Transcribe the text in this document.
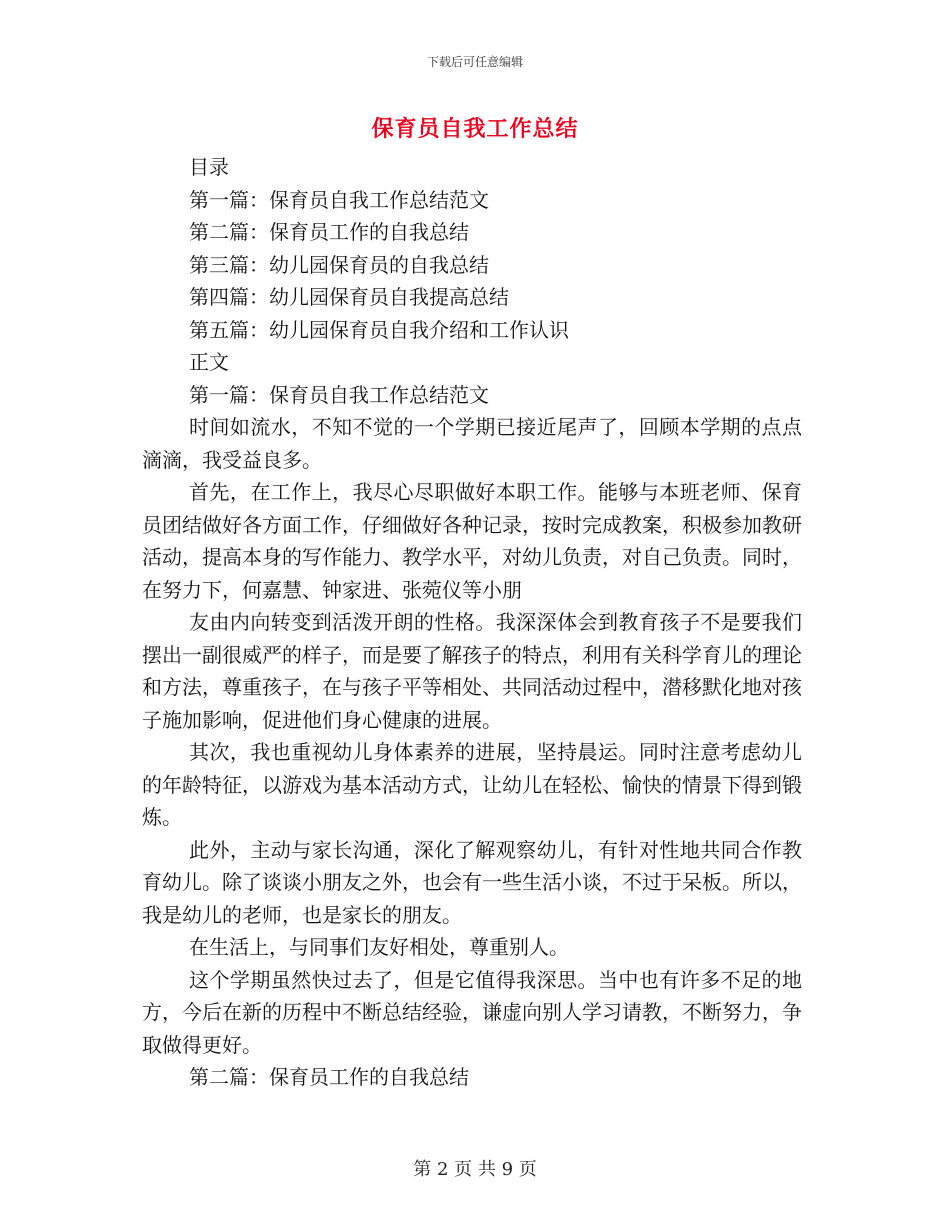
下载后可任意编辑
保育员自我工作总结

目录

第一篇：保育员自我工作总结范文

第二篇：保育员工作的自我总结

第三篇：幼儿园保育员的自我总结

第四篇：幼儿园保育员自我提高总结

第五篇：幼儿园保育员自我介绍和工作认识

正文

第一篇：保育员自我工作总结范文

时间如流水，不知不觉的一个学期已接近尾声了，回顾本学期的点点滴滴，我受益良多。

首先，在工作上，我尽心尽职做好本职工作。能够与本班老师、保育员团结做好各方面工作，仔细做好各种记录，按时完成教案，积极参加教研活动，提高本身的写作能力、教学水平，对幼儿负责，对自己负责。同时，在努力下，何嘉慧、钟家进、张菀仪等小朋

友由内向转变到活泼开朗的性格。我深深体会到教育孩子不是要我们摆出一副很威严的样子，而是要了解孩子的特点，利用有关科学育儿的理论和方法，尊重孩子，在与孩子平等相处、共同活动过程中，潜移默化地对孩子施加影响，促进他们身心健康的进展。

其次，我也重视幼儿身体素养的进展，坚持晨运。同时注意考虑幼儿的年龄特征，以游戏为基本活动方式，让幼儿在轻松、愉快的情景下得到锻炼。

此外，主动与家长沟通，深化了解观察幼儿，有针对性地共同合作教育幼儿。除了谈谈小朋友之外，也会有一些生活小谈，不过于呆板。所以，我是幼儿的老师，也是家长的朋友。

在生活上，与同事们友好相处，尊重别人。

这个学期虽然快过去了，但是它值得我深思。当中也有许多不足的地方，今后在新的历程中不断总结经验，谦虚向别人学习请教，不断努力，争取做得更好。

第二篇：保育员工作的自我总结

第 2 页 共 9 页
